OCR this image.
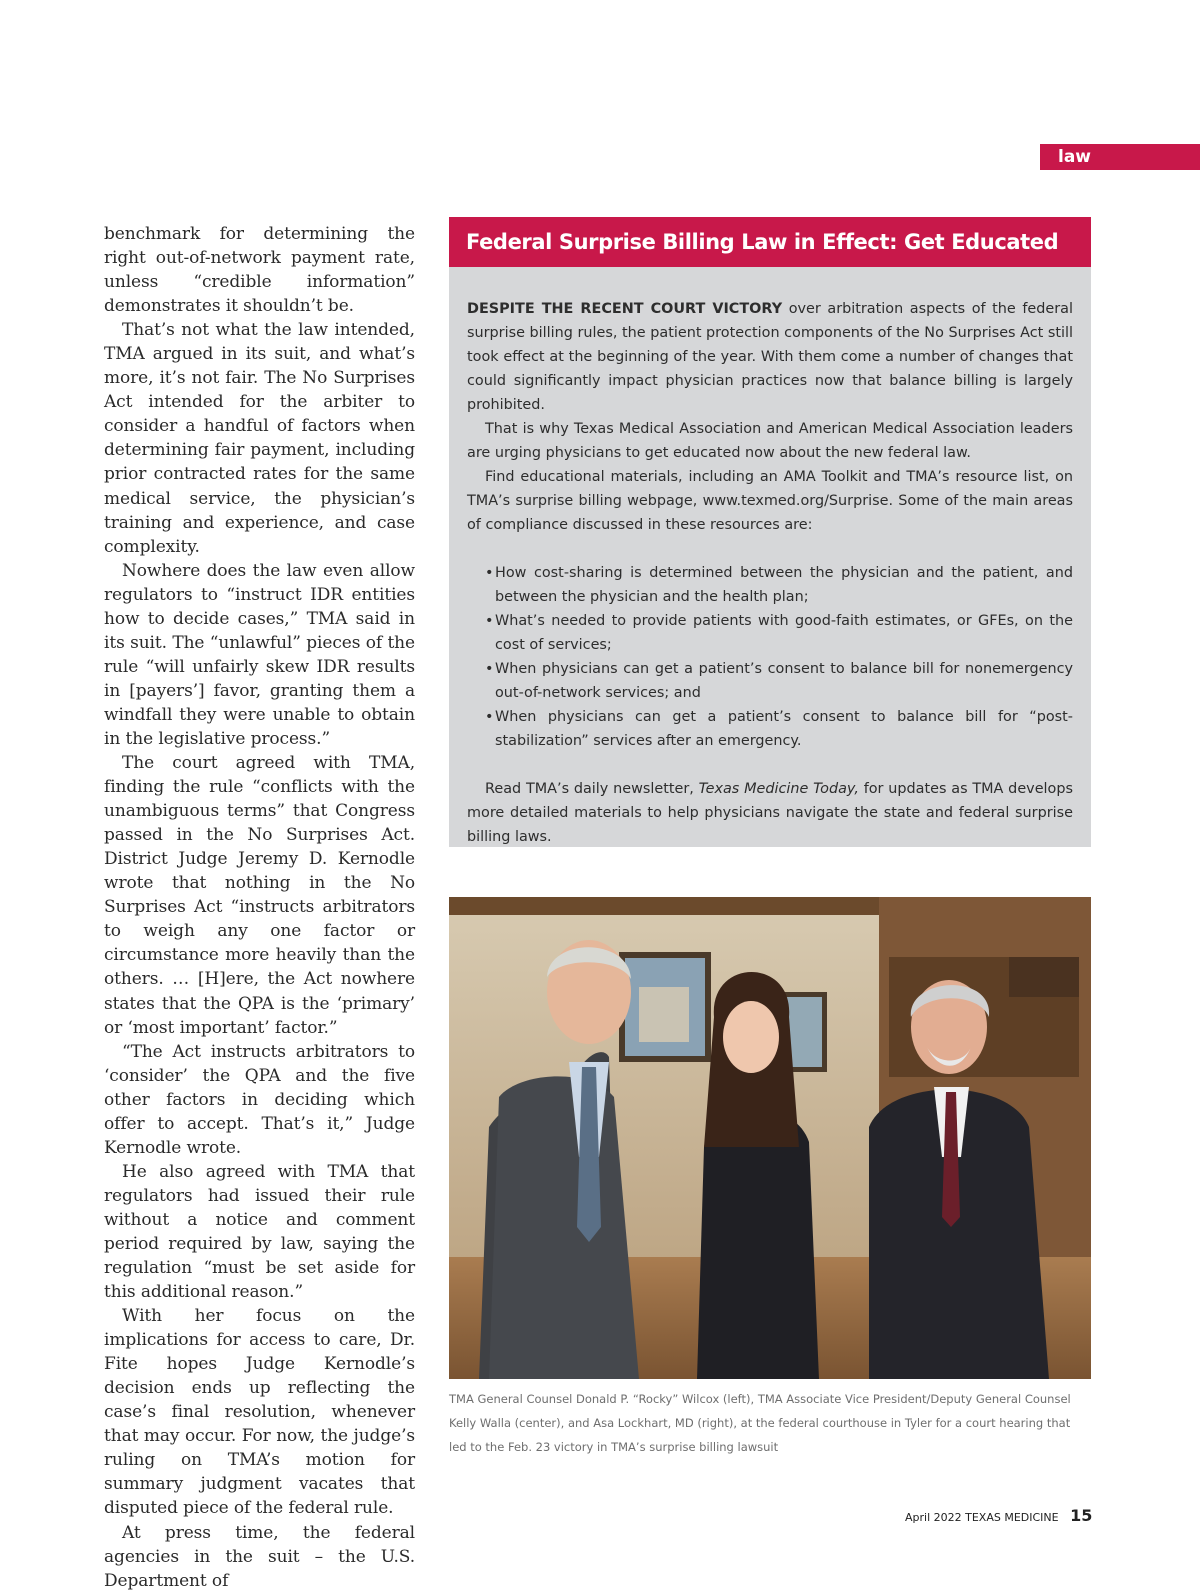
law

benchmark for determining the right out-of-network payment rate, unless “credible information” demonstrates it shouldn’t be.

That’s not what the law intended, TMA argued in its suit, and what’s more, it’s not fair. The No Surprises Act intended for the arbiter to consider a handful of factors when determining fair payment, including prior contracted rates for the same medical service, the physician’s training and experience, and case complexity.

Nowhere does the law even allow regulators to “instruct IDR entities how to decide cases,” TMA said in its suit. The “unlawful” pieces of the rule “will unfairly skew IDR results in [payers’] favor, granting them a windfall they were unable to obtain in the legislative process.”

The court agreed with TMA, finding the rule “conflicts with the unambiguous terms” that Congress passed in the No Surprises Act. District Judge Jeremy D. Kernodle wrote that nothing in the No Surprises Act “instructs arbitrators to weigh any one factor or circumstance more heavily than the others. … [H]ere, the Act nowhere states that the QPA is the ‘primary’ or ‘most important’ factor.”

“The Act instructs arbitrators to ‘consider’ the QPA and the five other factors in deciding which offer to accept. That’s it,” Judge Kernodle wrote.

He also agreed with TMA that regulators had issued their rule without a notice and comment period required by law, saying the regulation “must be set aside for this additional reason.”

With her focus on the implications for access to care, Dr. Fite hopes Judge Kernodle’s decision ends up reflecting the case’s final resolution, whenever that may occur. For now, the judge’s ruling on TMA’s motion for summary judgment vacates that disputed piece of the federal rule.

At press time, the federal agencies in the suit – the U.S. Department of

Federal Surprise Billing Law in Effect: Get Educated

DESPITE THE RECENT COURT VICTORY over arbitration aspects of the federal surprise billing rules, the patient protection components of the No Surprises Act still took effect at the beginning of the year. With them come a number of changes that could significantly impact physician practices now that balance billing is largely prohibited.

That is why Texas Medical Association and American Medical Association leaders are urging physicians to get educated now about the new federal law.

Find educational materials, including an AMA Toolkit and TMA’s resource list, on TMA’s surprise billing webpage, www.texmed.org/Surprise. Some of the main areas of compliance discussed in these resources are:

• How cost-sharing is determined between the physician and the patient, and between the physician and the health plan;
• What’s needed to provide patients with good-faith estimates, or GFEs, on the cost of services;
• When physicians can get a patient’s consent to balance bill for nonemergency out-of-network services; and
• When physicians can get a patient’s consent to balance bill for “post-stabilization” services after an emergency.

Read TMA’s daily newsletter, Texas Medicine Today, for updates as TMA develops more detailed materials to help physicians navigate the state and federal surprise billing laws.

TMA General Counsel Donald P. “Rocky” Wilcox (left), TMA Associate Vice President/Deputy General Counsel Kelly Walla (center), and Asa Lockhart, MD (right), at the federal courthouse in Tyler for a court hearing that led to the Feb. 23 victory in TMA’s surprise billing lawsuit
April 2022 TEXAS MEDICINE 15
